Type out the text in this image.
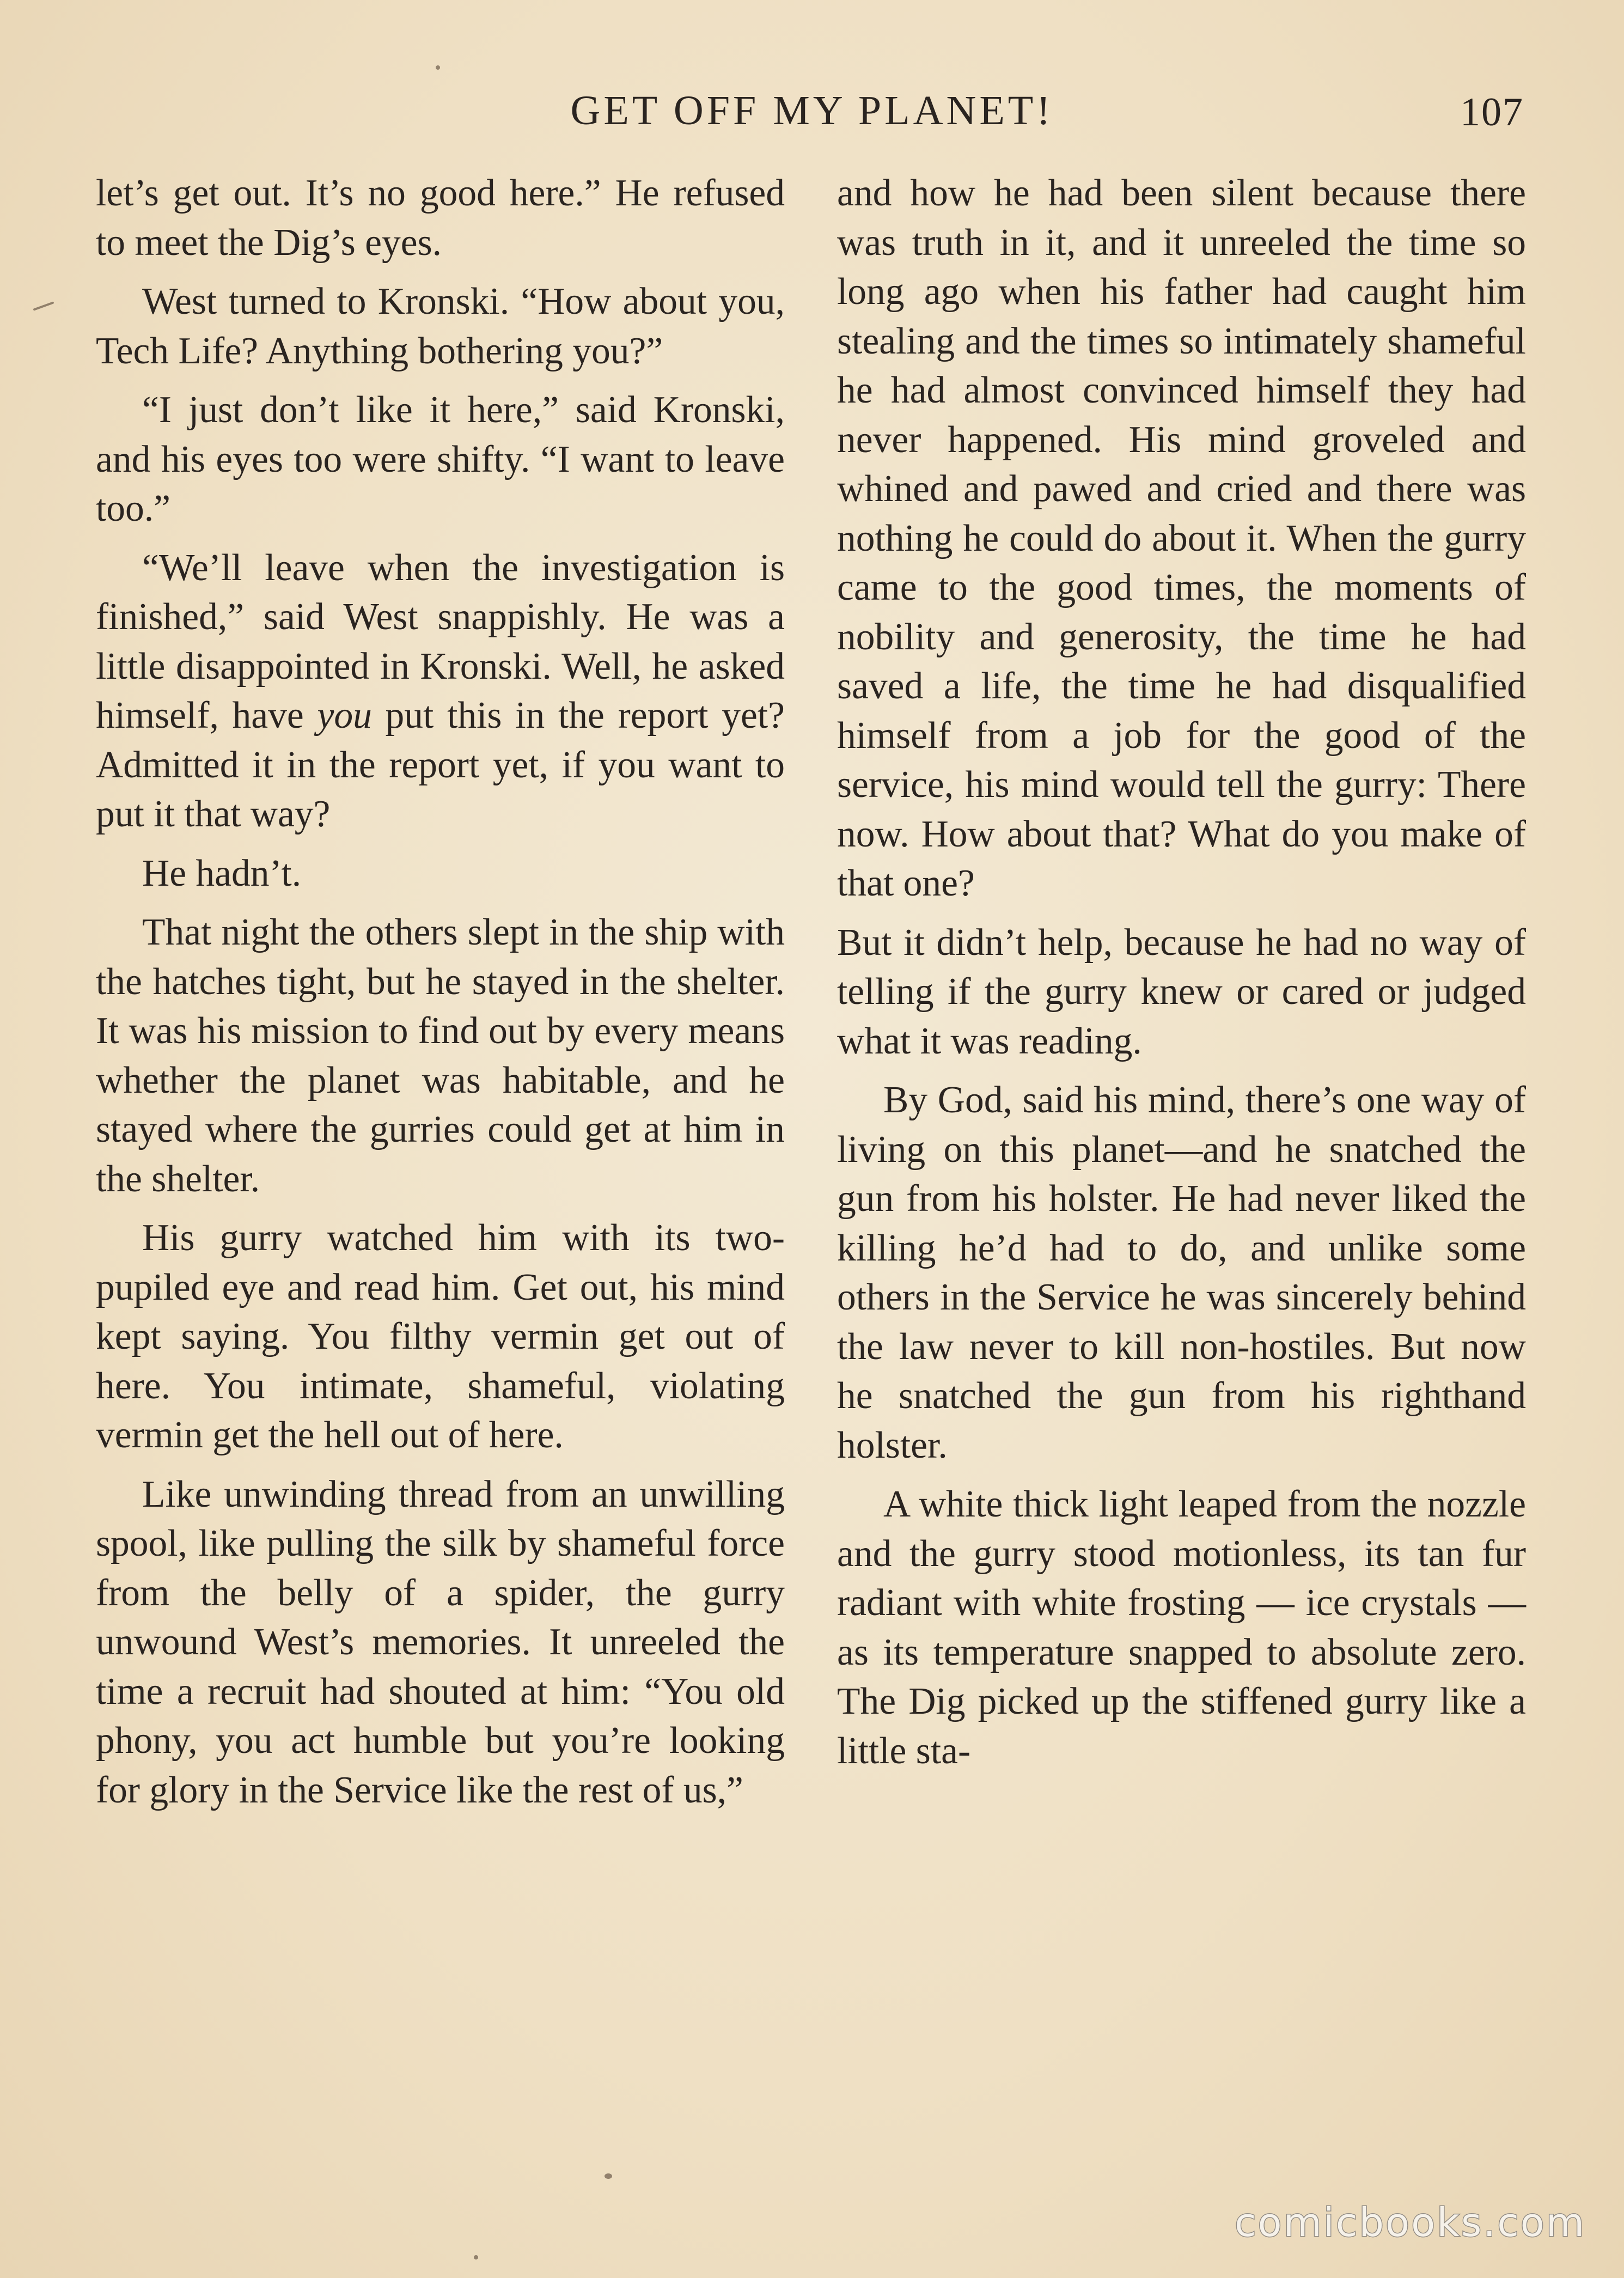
GET OFF MY PLANET!	107

let’s get out. It’s no good here.” He refused to meet the Dig’s eyes.

West turned to Kronski. “How about you, Tech Life? Anything bothering you?”

“I just don’t like it here,” said Kronski, and his eyes too were shifty. “I want to leave too.”

“We’ll leave when the investigation is finished,” said West snappishly. He was a little disappointed in Kronski. Well, he asked himself, have you put this in the report yet? Admitted it in the report yet, if you want to put it that way?

He hadn’t.

That night the others slept in the ship with the hatches tight, but he stayed in the shelter. It was his mission to find out by every means whether the planet was habitable, and he stayed where the gurries could get at him in the shelter.

His gurry watched him with its two-pupiled eye and read him. Get out, his mind kept saying. You filthy vermin get out of here. You intimate, shameful, violating vermin get the hell out of here.

Like unwinding thread from an unwilling spool, like pulling the silk by shameful force from the belly of a spider, the gurry unwound West’s memories. It unreeled the time a recruit had shouted at him: “You old phony, you act humble but you’re looking for glory in the Service like the rest of us,”

and how he had been silent because there was truth in it, and it unreeled the time so long ago when his father had caught him stealing and the times so intimately shameful he had almost convinced himself they had never happened. His mind groveled and whined and pawed and cried and there was nothing he could do about it. When the gurry came to the good times, the moments of nobility and generosity, the time he had saved a life, the time he had disqualified himself from a job for the good of the service, his mind would tell the gurry: There now. How about that? What do you make of that one?

But it didn’t help, because he had no way of telling if the gurry knew or cared or judged what it was reading.

By God, said his mind, there’s one way of living on this planet—and he snatched the gun from his holster. He had never liked the killing he’d had to do, and unlike some others in the Service he was sincerely behind the law never to kill non-hostiles. But now he snatched the gun from his righthand holster.

A white thick light leaped from the nozzle and the gurry stood motionless, its tan fur radiant with white frosting — ice crystals — as its temperature snapped to absolute zero. The Dig picked up the stiffened gurry like a little sta-

comicbooks.com
